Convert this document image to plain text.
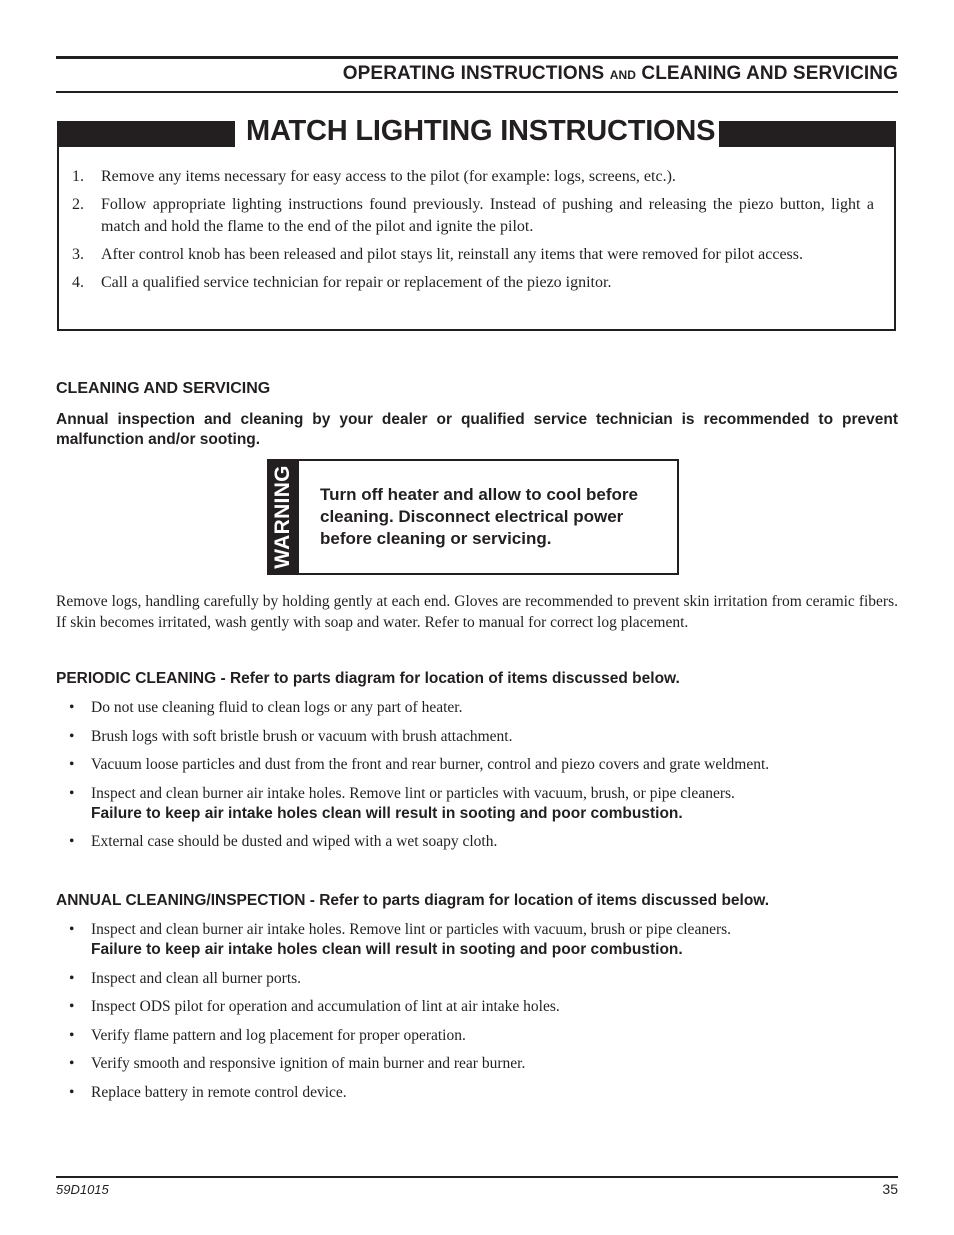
OPERATING INSTRUCTIONS AND CLEANING AND SERVICING
MATCH LIGHTING INSTRUCTIONS
1. Remove any items necessary for easy access to the pilot (for example: logs, screens, etc.).
2. Follow appropriate lighting instructions found previously. Instead of pushing and releasing the piezo button, light a match and hold the flame to the end of the pilot and ignite the pilot.
3. After control knob has been released and pilot stays lit, reinstall any items that were removed for pilot access.
4. Call a qualified service technician for repair or replacement of the piezo ignitor.
CLEANING AND SERVICING
Annual inspection and cleaning by your dealer or qualified service technician is recommended to prevent malfunction and/or sooting.
WARNING Turn off heater and allow to cool before cleaning. Disconnect electrical power before cleaning or servicing.
Remove logs, handling carefully by holding gently at each end. Gloves are recommended to prevent skin irritation from ceramic fibers. If skin becomes irritated, wash gently with soap and water. Refer to manual for correct log placement.
PERIODIC CLEANING - Refer to parts diagram for location of items discussed below.
• Do not use cleaning fluid to clean logs or any part of heater.
• Brush logs with soft bristle brush or vacuum with brush attachment.
• Vacuum loose particles and dust from the front and rear burner, control and piezo covers and grate weldment.
• Inspect and clean burner air intake holes. Remove lint or particles with vacuum, brush, or pipe cleaners.
Failure to keep air intake holes clean will result in sooting and poor combustion.
• External case should be dusted and wiped with a wet soapy cloth.
ANNUAL CLEANING/INSPECTION - Refer to parts diagram for location of items discussed below.
• Inspect and clean burner air intake holes. Remove lint or particles with vacuum, brush or pipe cleaners.
Failure to keep air intake holes clean will result in sooting and poor combustion.
• Inspect and clean all burner ports.
• Inspect ODS pilot for operation and accumulation of lint at air intake holes.
• Verify flame pattern and log placement for proper operation.
• Verify smooth and responsive ignition of main burner and rear burner.
• Replace battery in remote control device.
59D1015	35
